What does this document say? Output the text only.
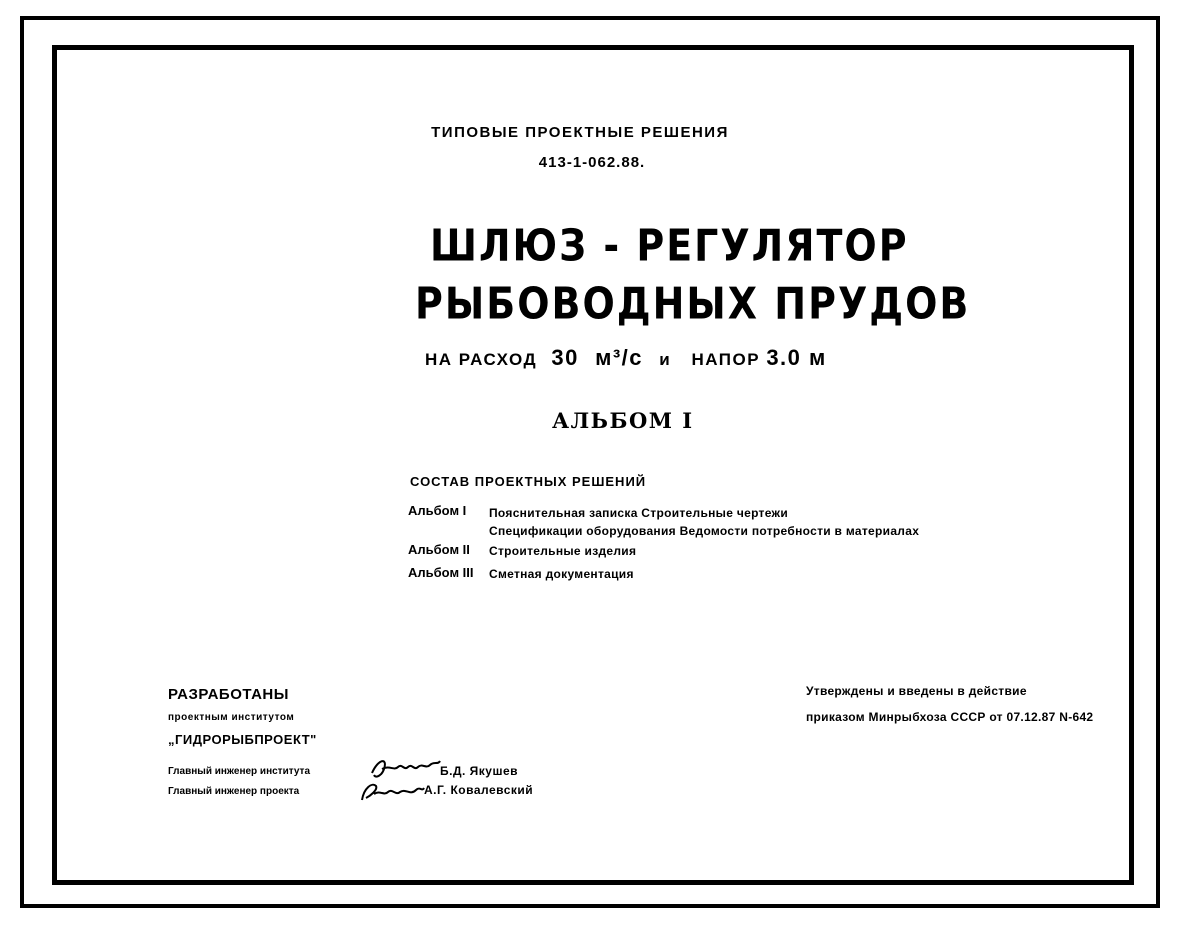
ТИПОВЫЕ ПРОЕКТНЫЕ РЕШЕНИЯ
413-1-062.88.
ШЛЮЗ - РЕГУЛЯТОР
РЫБОВОДНЫХ ПРУДОВ
НА РАСХОД 30 м³/с и НАПОР 3.0 м
АЛЬБОМ I
СОСТАВ ПРОЕКТНЫХ РЕШЕНИЙ
Альбом I Пояснительная записка Строительные чертежи
Спецификации оборудования Ведомости потребности в материалах
Альбом II Строительные изделия
Альбом III Сметная документация
РАЗРАБОТАНЫ
проектным институтом
„ГИДРОРЫБПРОЕКТ"
Главный инженер института	Б.Д. Якушев
Главный инженер проекта	А.Г. Ковалевский
Утверждены и введены в действие
приказом Минрыбхоза СССР от 07.12.87 N-642
